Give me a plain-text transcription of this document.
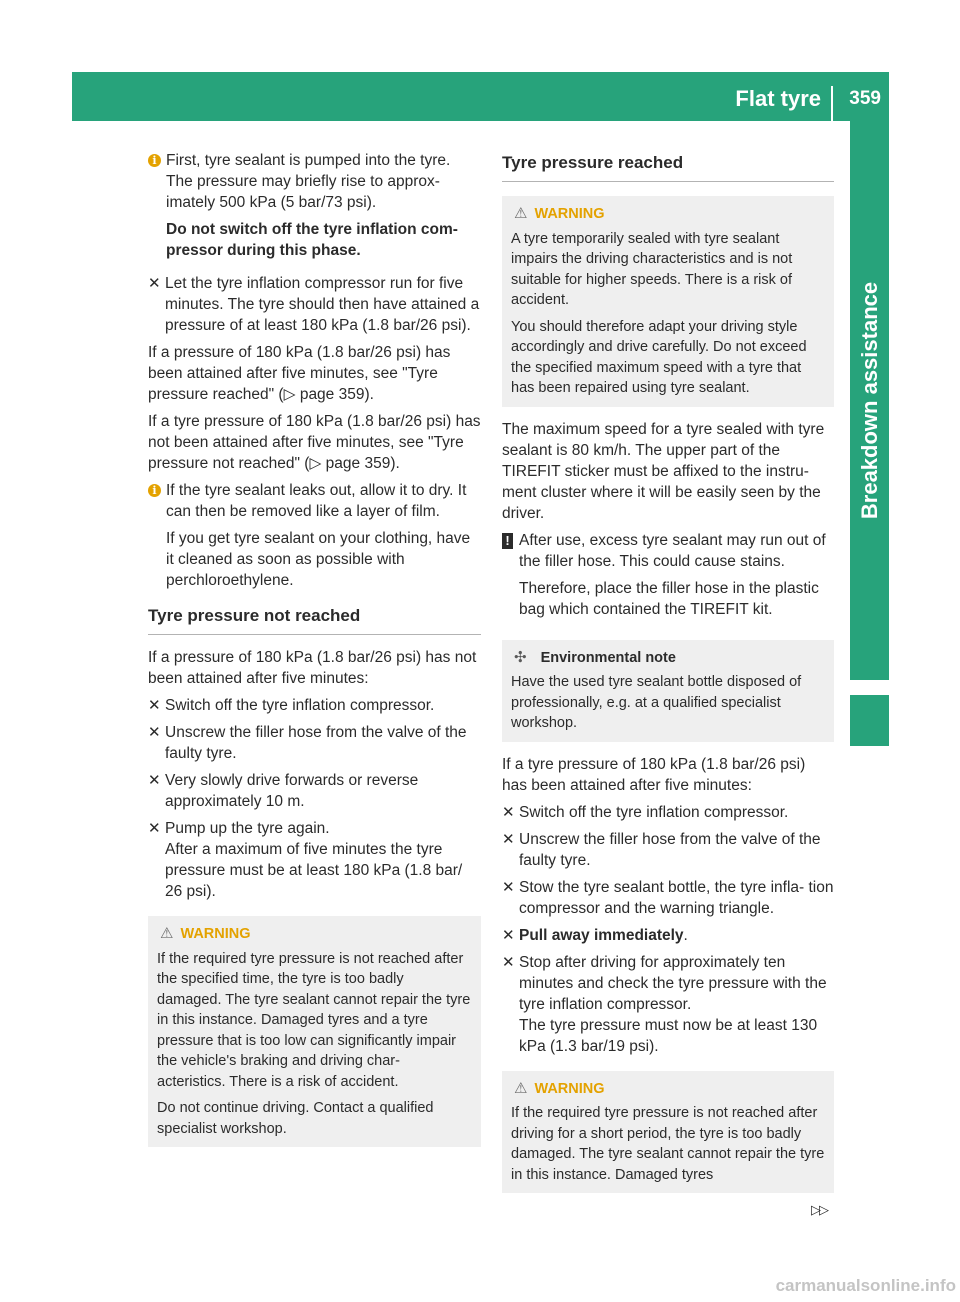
Flat tyre 359
Breakdown assistance
i First, tyre sealant is pumped into the tyre. The pressure may briefly rise to approx- imately 500 kPa (5 bar/73 psi).

Do not switch off the tyre inflation com- pressor during this phase.

✕ Let the tyre inflation compressor run for five minutes. The tyre should then have attained a pressure of at least 180 kPa (1.8 bar/26 psi).

If a pressure of 180 kPa (1.8 bar/26 psi) has been attained after five minutes, see "Tyre pressure reached" (▷ page 359).

If a tyre pressure of 180 kPa (1.8 bar/26 psi) has not been attained after five minutes, see "Tyre pressure not reached" (▷ page 359).

i If the tyre sealant leaks out, allow it to dry. It can then be removed like a layer of film.

If you get tyre sealant on your clothing, have it cleaned as soon as possible with perchloroethylene.

Tyre pressure not reached

If a pressure of 180 kPa (1.8 bar/26 psi) has not been attained after five minutes:

✕ Switch off the tyre inflation compressor.

✕ Unscrew the filler hose from the valve of the faulty tyre.

✕ Very slowly drive forwards or reverse approximately 10 m.

✕ Pump up the tyre again.

After a maximum of five minutes the tyre pressure must be at least 180 kPa (1.8 bar/ 26 psi).

⚠ WARNING

If the required tyre pressure is not reached after the specified time, the tyre is too badly damaged. The tyre sealant cannot repair the tyre in this instance. Damaged tyres and a tyre pressure that is too low can significantly impair the vehicle's braking and driving char- acteristics. There is a risk of accident.

Do not continue driving. Contact a qualified specialist workshop.

Tyre pressure reached
⚠ WARNING

A tyre temporarily sealed with tyre sealant impairs the driving characteristics and is not suitable for higher speeds. There is a risk of accident.

You should therefore adapt your driving style accordingly and drive carefully. Do not exceed the specified maximum speed with a tyre that has been repaired using tyre sealant.

The maximum speed for a tyre sealed with tyre sealant is 80 km/h. The upper part of the TIREFIT sticker must be affixed to the instru- ment cluster where it will be easily seen by the driver.

! After use, excess tyre sealant may run out of the filler hose. This could cause stains.

Therefore, place the filler hose in the plastic bag which contained the TIREFIT kit.

✣ Environmental note

Have the used tyre sealant bottle disposed of professionally, e.g. at a qualified specialist workshop.

If a tyre pressure of 180 kPa (1.8 bar/26 psi) has been attained after five minutes:

✕ Switch off the tyre inflation compressor.

✕ Unscrew the filler hose from the valve of the faulty tyre.

✕ Stow the tyre sealant bottle, the tyre infla- tion compressor and the warning triangle.

✕ Pull away immediately.

✕ Stop after driving for approximately ten minutes and check the tyre pressure with the tyre inflation compressor.

The tyre pressure must now be at least 130 kPa (1.3 bar/19 psi).

⚠ WARNING

If the required tyre pressure is not reached after driving for a short period, the tyre is too badly damaged. The tyre sealant cannot repair the tyre in this instance. Damaged tyres

▷▷
carmanualsonline.info
